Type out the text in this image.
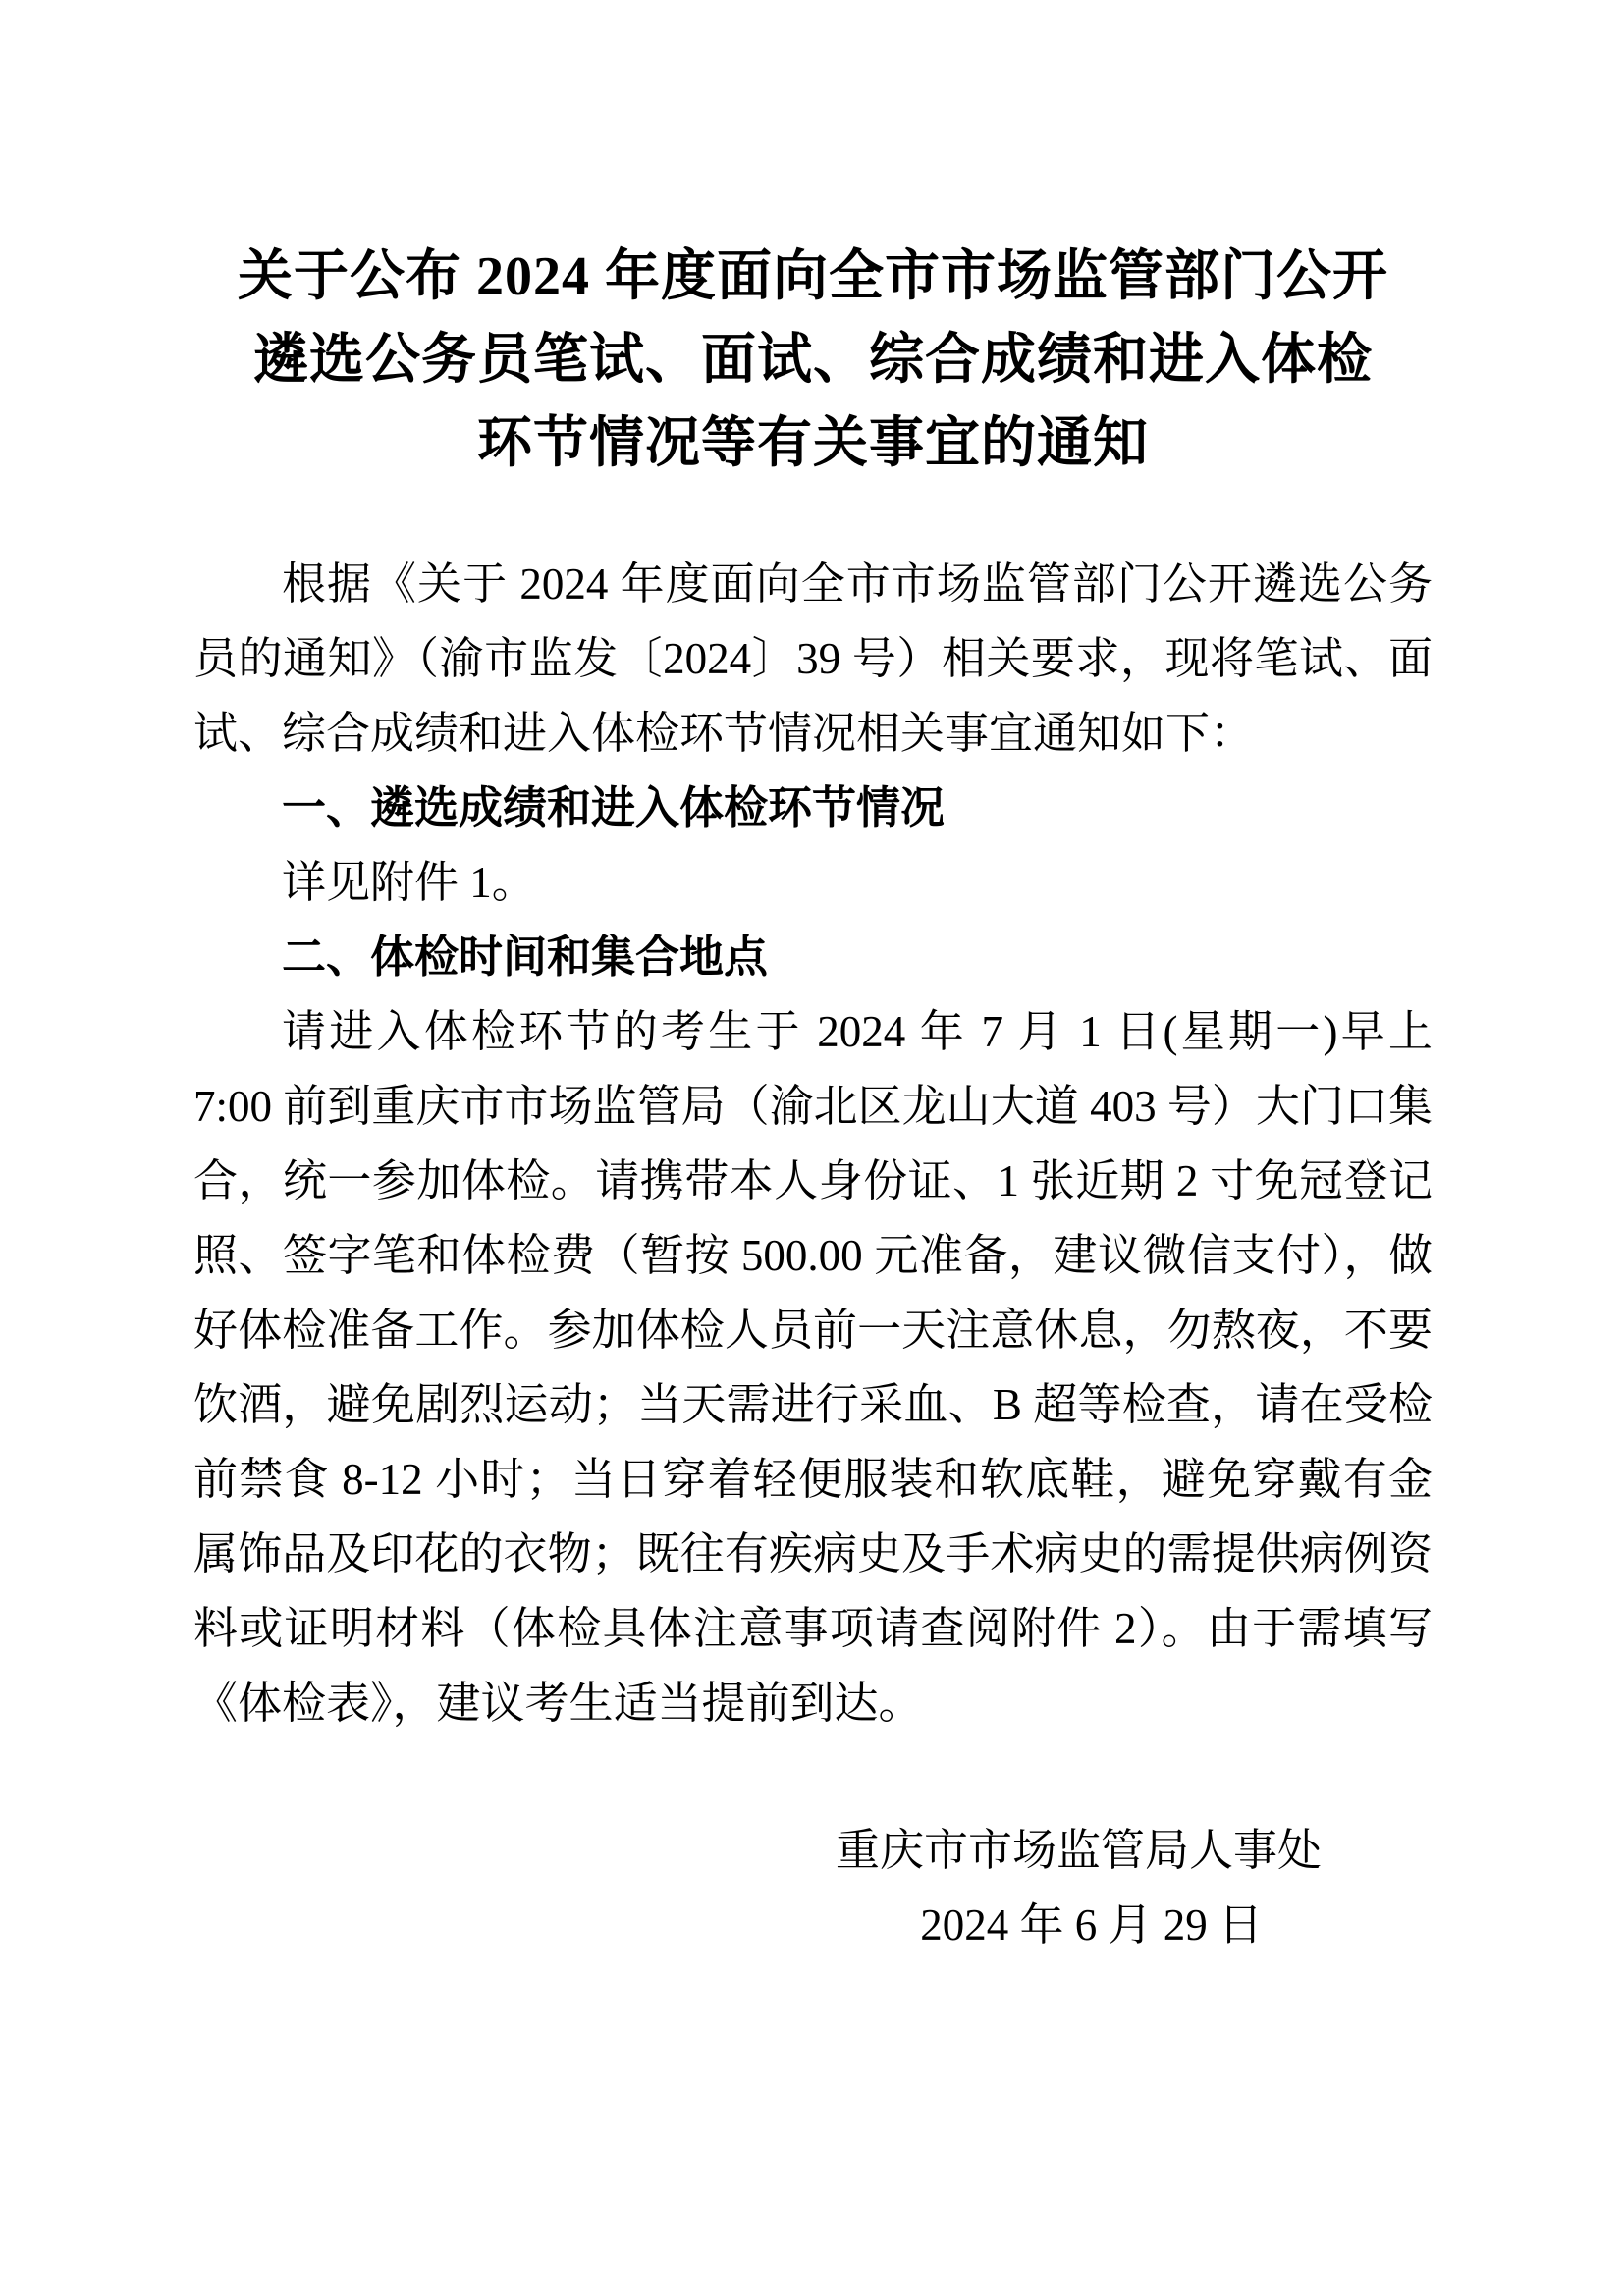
关于公布 2024 年度面向全市市场监管部门公开
遴选公务员笔试、面试、综合成绩和进入体检
环节情况等有关事宜的通知

根据《关于 2024 年度面向全市市场监管部门公开遴选公务员的通知》（渝市监发〔2024〕39 号）相关要求，现将笔试、面试、综合成绩和进入体检环节情况相关事宜通知如下：

一、遴选成绩和进入体检环节情况

详见附件 1。

二、体检时间和集合地点

请进入体检环节的考生于 2024 年 7 月 1 日(星期一)早上 7:00 前到重庆市市场监管局（渝北区龙山大道 403 号）大门口集合，统一参加体检。请携带本人身份证、1 张近期 2 寸免冠登记照、签字笔和体检费（暂按 500.00 元准备，建议微信支付），做好体检准备工作。参加体检人员前一天注意休息，勿熬夜，不要饮酒，避免剧烈运动；当天需进行采血、B 超等检查，请在受检前禁食 8-12 小时；当日穿着轻便服装和软底鞋，避免穿戴有金属饰品及印花的衣物；既往有疾病史及手术病史的需提供病例资料或证明材料（体检具体注意事项请查阅附件 2）。由于需填写《体检表》，建议考生适当提前到达。

重庆市市场监管局人事处

2024 年 6 月 29 日
